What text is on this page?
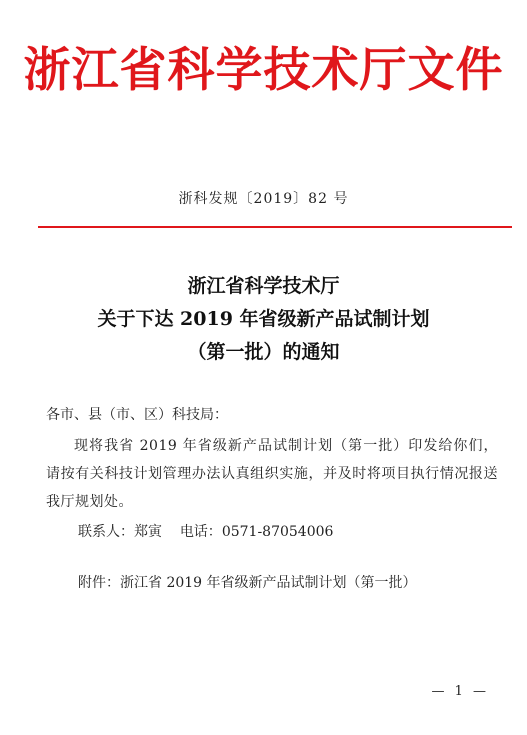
浙江省科学技术厅文件
浙科发规〔2019〕82 号
浙江省科学技术厅
关于下达 2019 年省级新产品试制计划
（第一批）的通知
各市、县（市、区）科技局：
现将我省 2019 年省级新产品试制计划（第一批）印发给你们，请按有关科技计划管理办法认真组织实施，并及时将项目执行情况报送我厅规划处。
联系人：郑寅 电话：0571-87054006
附件：浙江省 2019 年省级新产品试制计划（第一批）
— 1 —
